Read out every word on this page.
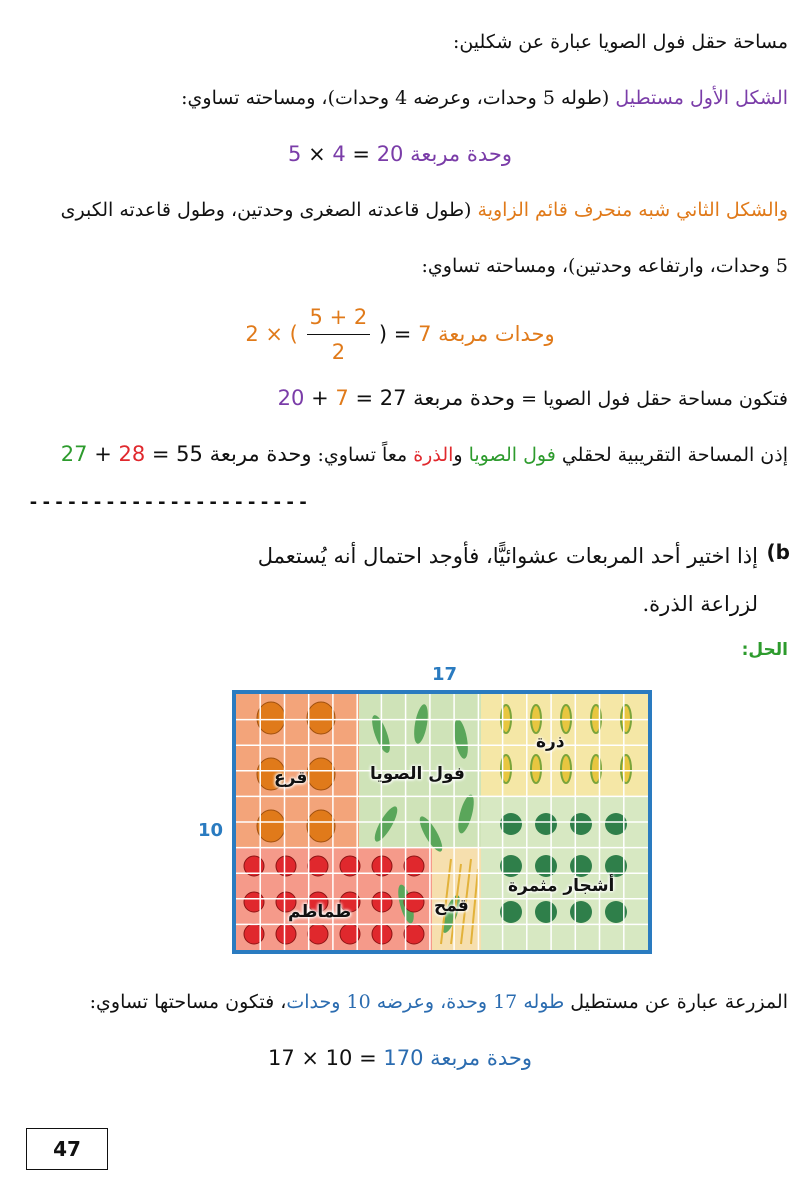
مساحة حقل فول الصويا عبارة عن شكلين:
الشكل الأول مستطيل (طوله 5 وحدات، وعرضه 4 وحدات)، ومساحته تساوي:
5 × 4 = 20 وحدة مربعة
والشكل الثاني شبه منحرف قائم الزاوية (طول قاعدته الصغرى وحدتين، وطول قاعدته الكبرى
5 وحدات، وارتفاعه وحدتين)، ومساحته تساوي:
2 × ( $\frac{5 + 2}{2}$ ) = 7 وحدات مربعة
فتكون مساحة حقل فول الصويا = 20 + 7 = 27 وحدة مربعة
إذن المساحة التقريبية لحقلي فول الصويا والذرة معاً تساوي: 27 + 28 = 55 وحدة مربعة
----------------------
b)
إذا اختير أحد المربعات عشوائيًّا، فأوجد احتمال أنه يُستعمل
لزراعة الذرة.
الحل:
17
10
قرع	فول الصويا
ذرة
أشجار مثمرة
طماطم	قمح
المزرعة عبارة عن مستطيل طوله 17 وحدة، وعرضه 10 وحدات، فتكون مساحتها تساوي:
17 × 10 = 170 وحدة مربعة
47
